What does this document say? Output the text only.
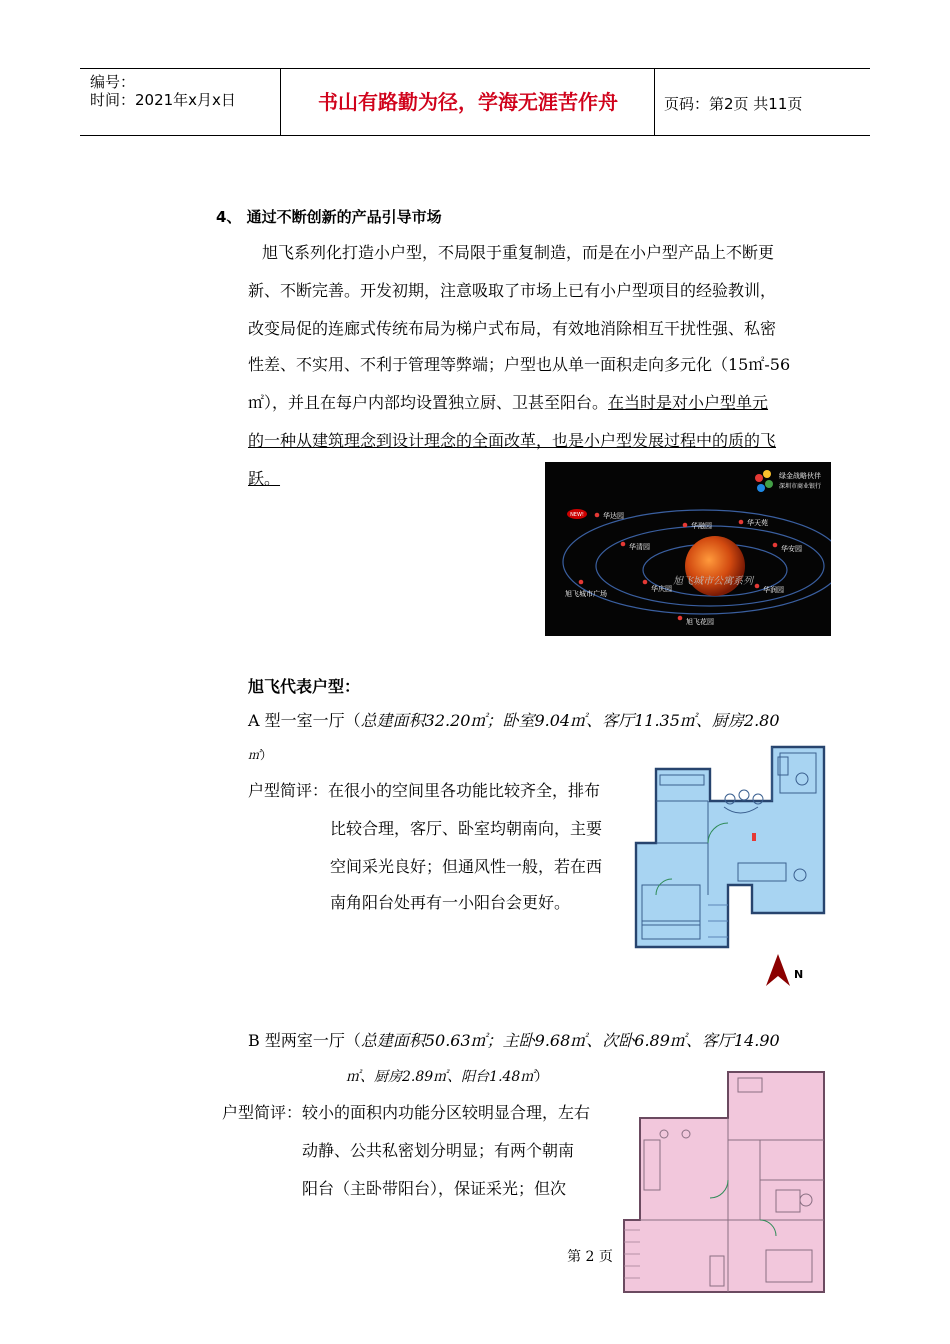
编号：
时间：2021年x月x日	书山有路勤为径，学海无涯苦作舟	页码：第2页 共11页
4、 通过不断创新的产品引导市场
旭飞系列化打造小户型，不局限于重复制造，而是在小户型产品上不断更
新、不断完善。开发初期，注意吸取了市场上已有小户型项目的经验教训，
改变局促的连廊式传统布局为梯户式布局，有效地消除相互干扰性强、私密
性差、不实用、不利于管理等弊端；户型也从单一面积走向多元化（15㎡-56
㎡），并且在每户内部均设置独立厨、卫甚至阳台。在当时是对小户型单元
的一种从建筑理念到设计理念的全面改革，也是小户型发展过程中的质的飞
跃。	绿金战略伙伴
深圳市商业银行
NEW!	华达园
华融园	华天苑
华安园
华清园
旭飞城市广场
华庆园	华润园
旭飞花园
旭飞城市公寓系列
旭飞代表户型：
A 型一室一厅（总建面积32.20㎡；卧室9.04㎡、客厅11.35㎡、厨房2.80
㎡）
户型简评：在很小的空间里各功能比较齐全，排布
比较合理，客厅、卧室均朝南向，主要
空间采光良好；但通风性一般，若在西
南角阳台处再有一小阳台会更好。
N
B 型两室一厅（总建面积50.63㎡；主卧9.68㎡、次卧6.89㎡、客厅14.90
㎡、厨房2.89㎡、阳台1.48㎡）
户型简评：较小的面积内功能分区较明显合理，左右
动静、公共私密划分明显；有两个朝南
阳台（主卧带阳台），保证采光；但次
第 2 页
